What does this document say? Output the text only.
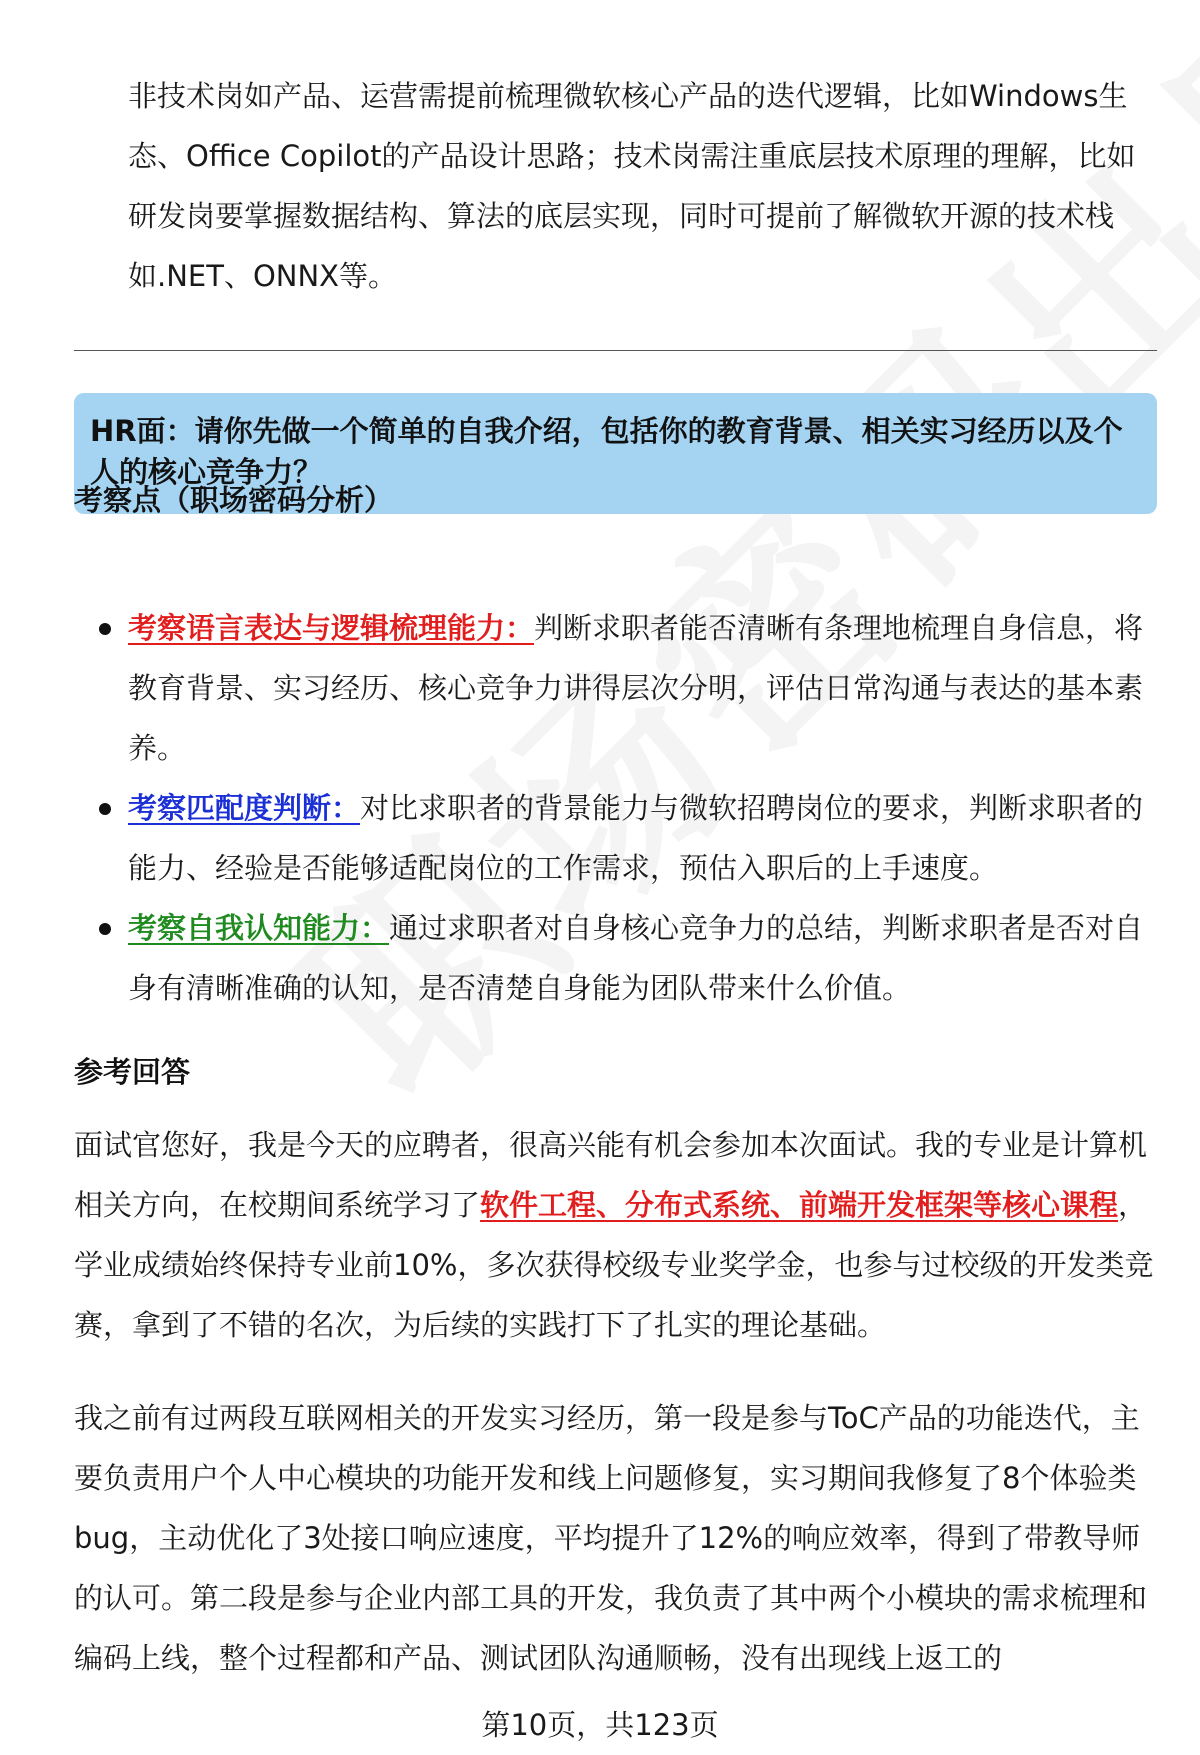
非技术岗如产品、运营需提前梳理微软核心产品的迭代逻辑，比如Windows生态、Office Copilot的产品设计思路；技术岗需注重底层技术原理的理解，比如研发岗要掌握数据结构、算法的底层实现，同时可提前了解微软开源的技术栈如.NET、ONNX等。

HR面：请你先做一个简单的自我介绍，包括你的教育背景、相关实习经历以及个人的核心竞争力？

考察点（职场密码分析）
考察语言表达与逻辑梳理能力：判断求职者能否清晰有条理地梳理自身信息，将教育背景、实习经历、核心竞争力讲得层次分明，评估日常沟通与表达的基本素养。
考察匹配度判断：对比求职者的背景能力与微软招聘岗位的要求，判断求职者的能力、经验是否能够适配岗位的工作需求，预估入职后的上手速度。
考察自我认知能力：通过求职者对自身核心竞争力的总结，判断求职者是否对自身有清晰准确的认知，是否清楚自身能为团队带来什么价值。
参考回答

面试官您好，我是今天的应聘者，很高兴能有机会参加本次面试。我的专业是计算机相关方向，在校期间系统学习了软件工程、分布式系统、前端开发框架等核心课程，学业成绩始终保持专业前10%，多次获得校级专业奖学金，也参与过校级的开发类竞赛，拿到了不错的名次，为后续的实践打下了扎实的理论基础。

我之前有过两段互联网相关的开发实习经历，第一段是参与ToC产品的功能迭代，主要负责用户个人中心模块的功能开发和线上问题修复，实习期间我修复了8个体验类bug，主动优化了3处接口响应速度，平均提升了12%的响应效率，得到了带教导师的认可。第二段是参与企业内部工具的开发，我负责了其中两个小模块的需求梳理和编码上线，整个过程都和产品、测试团队沟通顺畅，没有出现线上返工的

第10页，共123页
